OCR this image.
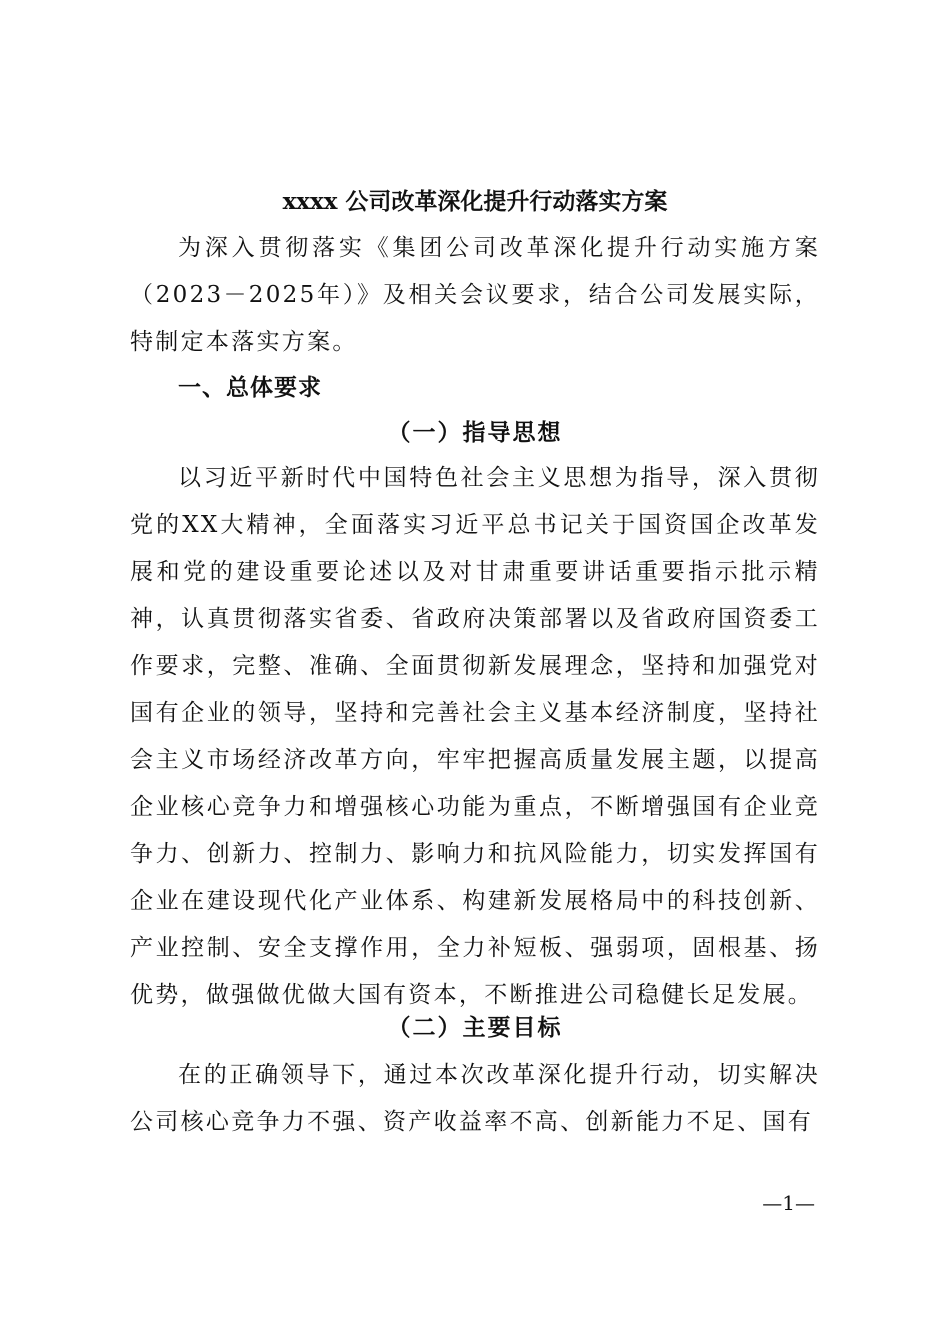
xxxx 公司改革深化提升行动落实方案

为深入贯彻落实《集团公司改革深化提升行动实施方案（2023－2025年）》及相关会议要求，结合公司发展实际，特制定本落实方案。

一、总体要求
（一）指导思想

以习近平新时代中国特色社会主义思想为指导，深入贯彻党的XX大精神，全面落实习近平总书记关于国资国企改革发展和党的建设重要论述以及对甘肃重要讲话重要指示批示精神，认真贯彻落实省委、省政府决策部署以及省政府国资委工作要求，完整、准确、全面贯彻新发展理念，坚持和加强党对国有企业的领导，坚持和完善社会主义基本经济制度，坚持社会主义市场经济改革方向，牢牢把握高质量发展主题，以提高企业核心竞争力和增强核心功能为重点，不断增强国有企业竞争力、创新力、控制力、影响力和抗风险能力，切实发挥国有企业在建设现代化产业体系、构建新发展格局中的科技创新、产业控制、安全支撑作用，全力补短板、强弱项，固根基、扬优势，做强做优做大国有资本，不断推进公司稳健长足发展。

（二）主要目标

在的正确领导下，通过本次改革深化提升行动，切实解决公司核心竞争力不强、资产收益率不高、创新能力不足、国有

—1—
